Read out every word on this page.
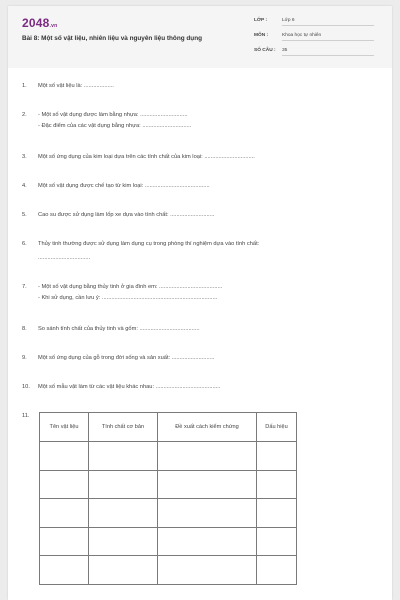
2048.vn
Bài 8: Một số vật liệu, nhiên liệu và nguyên liệu thông dụng
LỚP :	Lớp 6
MÔN :	Khoa học tự nhiên
SỐ CÂU : 35
1.	Một số vật liệu là: ...................
2.	- Một số vật dụng được làm bằng nhựa: ..............................
- Đặc điểm của các vật dụng bằng nhựa: ...............................
3.	Một số ứng dụng của kim loại dựa trên các tính chất của kim loại: ................................
4.	Một số vật dụng được chế tạo từ kim loại: .........................................
5.	Cao su được sử dụng làm lốp xe dựa vào tính chất: ............................
6.	Thủy tinh thường được sử dụng làm dụng cụ trong phòng thí nghiệm dựa vào tính chất:
.................................
7.	- Một số vật dụng bằng thủy tinh ở gia đình em: ........................................
- Khi sử dụng, cần lưu ý: .........................................................................
8.	So sánh tính chất của thủy tinh và gốm: ......................................
9.	Một số ứng dụng của gỗ trong đời sống và sản xuất: ...........................
10.	Một số mẫu vật làm từ các vật liệu khác nhau: .........................................
11.
Tên vật liệu	Tính chất cơ bản	Đề xuất cách kiểm chứng	Dấu hiệu
